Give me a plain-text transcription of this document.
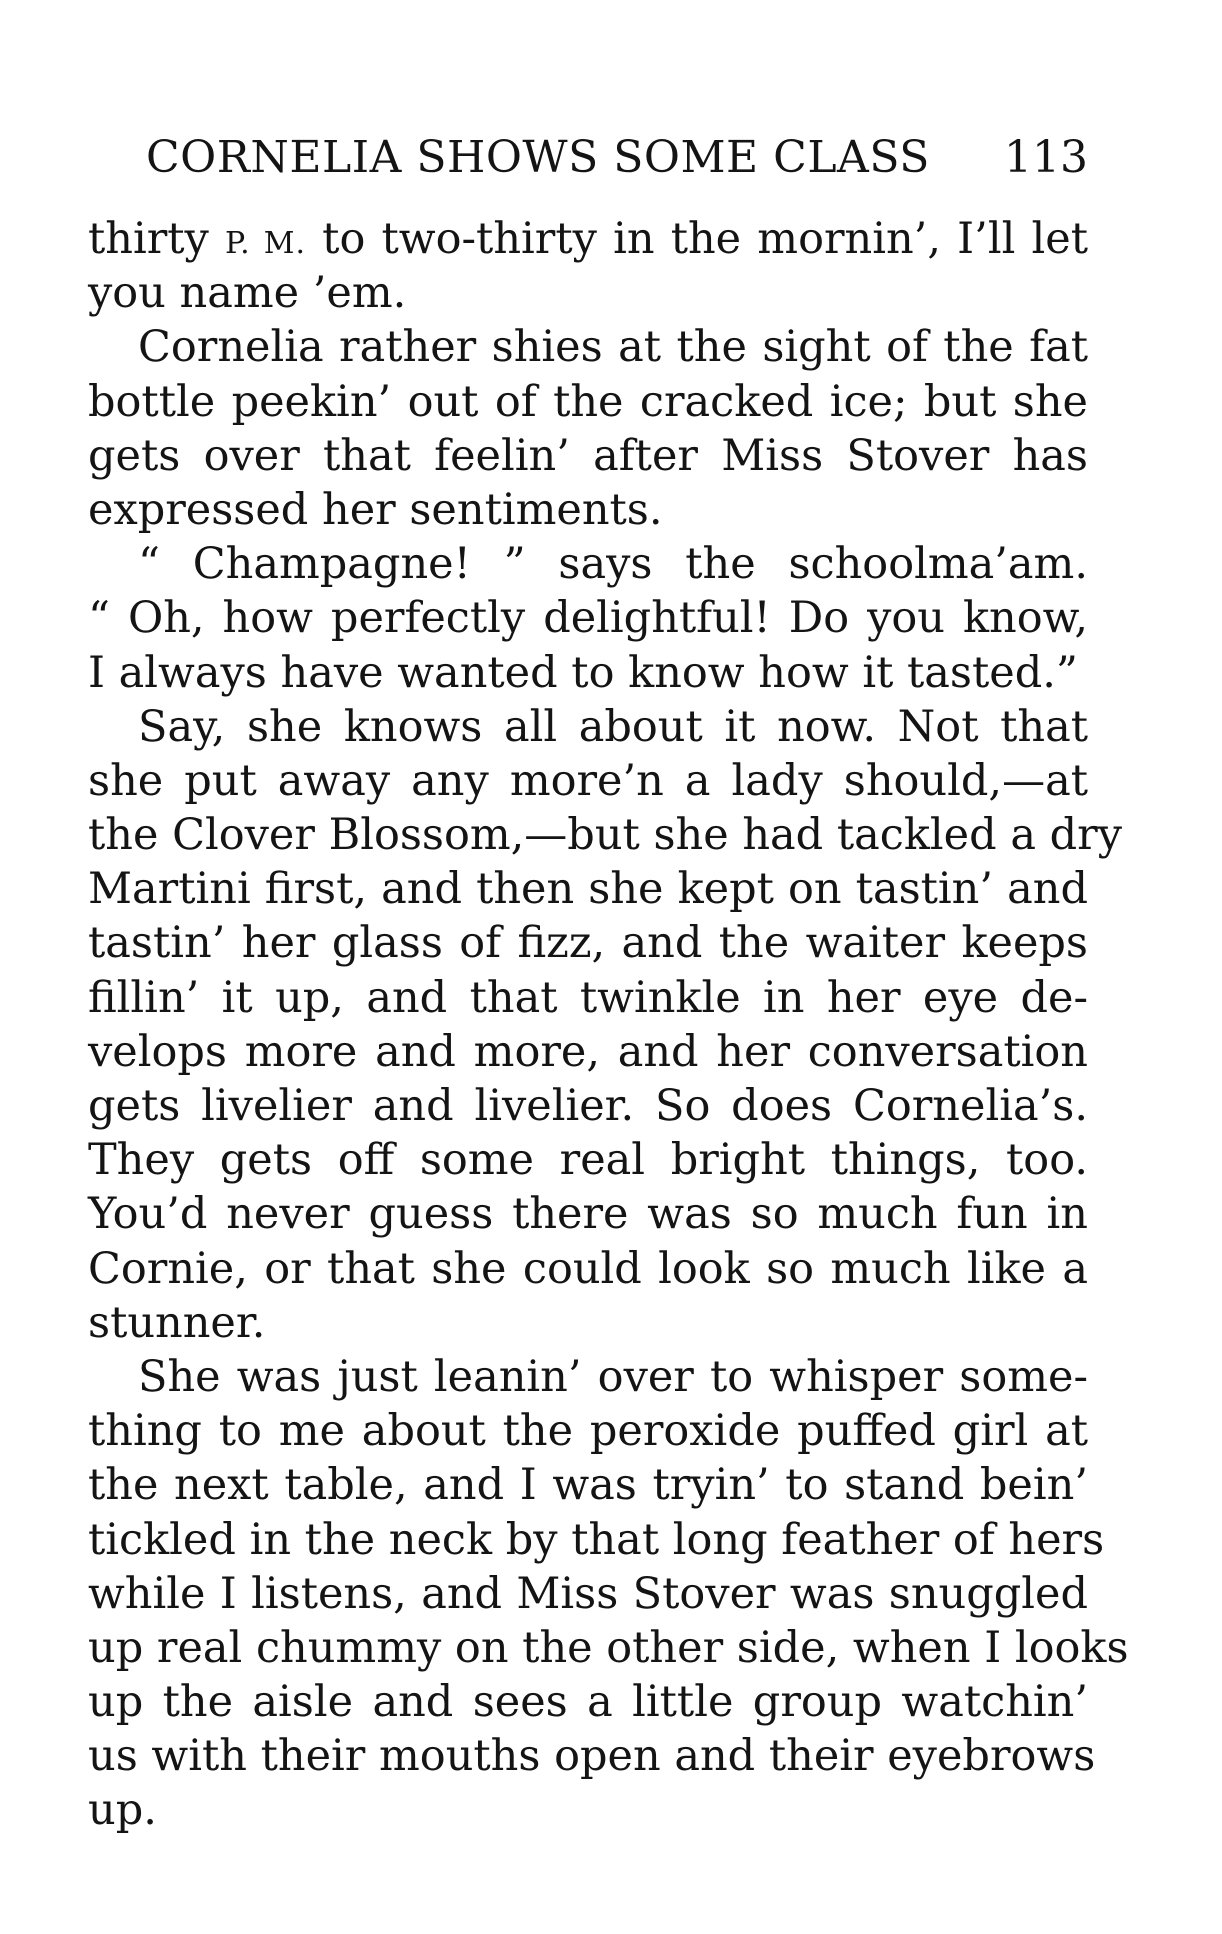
CORNELIA SHOWS SOME CLASS 113
thirty P. M. to two-thirty in the mornin’, I’ll let
you name ’em.
Cornelia rather shies at the sight of the fat
bottle peekin’ out of the cracked ice; but she
gets over that feelin’ after Miss Stover has
expressed her sentiments.
“ Champagne! ” says the schoolma’am.
“ Oh, how perfectly delightful! Do you know,
I always have wanted to know how it tasted.”
Say, she knows all about it now. Not that
she put away any more’n a lady should,—at
the Clover Blossom,—but she had tackled a dry
Martini first, and then she kept on tastin’ and
tastin’ her glass of fizz, and the waiter keeps
fillin’ it up, and that twinkle in her eye de-
velops more and more, and her conversation
gets livelier and livelier. So does Cornelia’s.
They gets off some real bright things, too.
You’d never guess there was so much fun in
Cornie, or that she could look so much like a
stunner.
She was just leanin’ over to whisper some-
thing to me about the peroxide puffed girl at
the next table, and I was tryin’ to stand bein’
tickled in the neck by that long feather of hers
while I listens, and Miss Stover was snuggled
up real chummy on the other side, when I looks
up the aisle and sees a little group watchin’
us with their mouths open and their eyebrows
up.
